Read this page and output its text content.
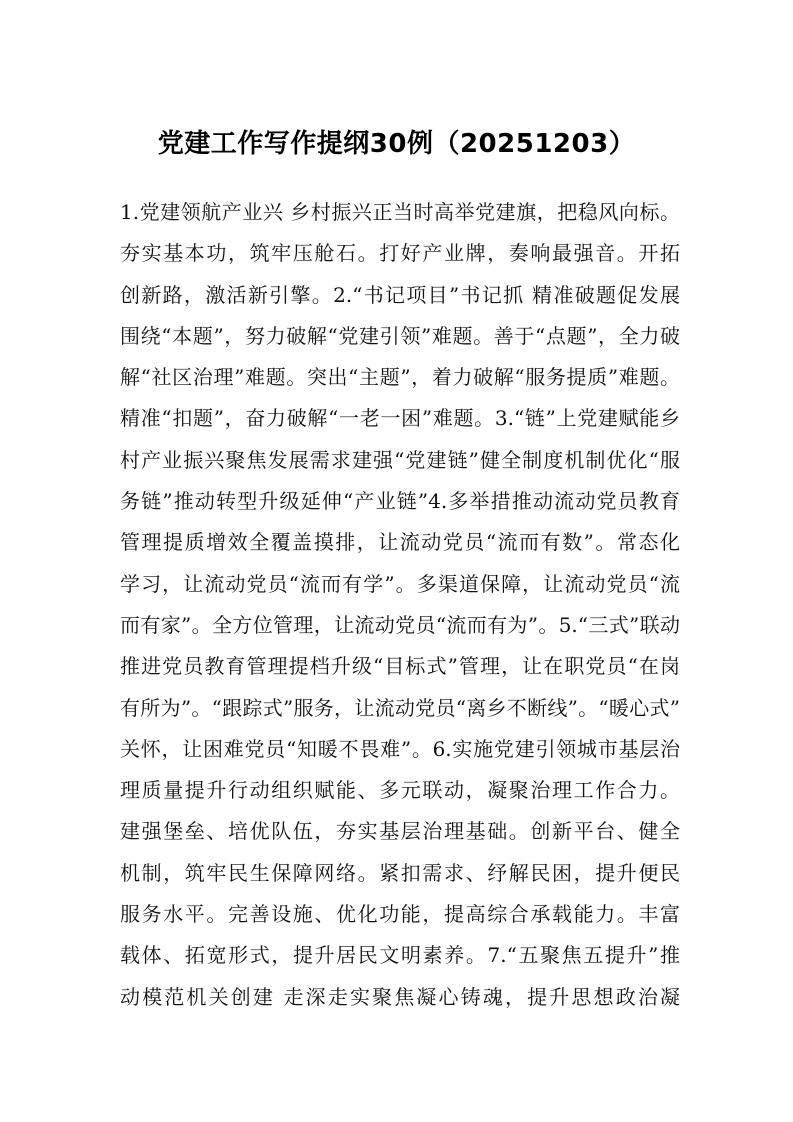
党建工作写作提纲30例（20251203）
1.党建领航产业兴 乡村振兴正当时高举党建旗，把稳风向标。
夯实基本功，筑牢压舱石。打好产业牌，奏响最强音。开拓
创新路，激活新引擎。2.“书记项目”书记抓 精准破题促发展
围绕“本题”，努力破解“党建引领”难题。善于“点题”，全力破
解“社区治理”难题。突出“主题”，着力破解“服务提质”难题。
精准“扣题”，奋力破解“一老一困”难题。3.“链”上党建赋能乡
村产业振兴聚焦发展需求建强“党建链”健全制度机制优化“服
务链”推动转型升级延伸“产业链”4.多举措推动流动党员教育
管理提质增效全覆盖摸排，让流动党员“流而有数”。常态化
学习，让流动党员“流而有学”。多渠道保障，让流动党员“流
而有家”。全方位管理，让流动党员“流而有为”。5.“三式”联动
推进党员教育管理提档升级“目标式”管理，让在职党员“在岗
有所为”。“跟踪式”服务，让流动党员“离乡不断线”。“暖心式”
关怀，让困难党员“知暖不畏难”。6.实施党建引领城市基层治
理质量提升行动组织赋能、多元联动，凝聚治理工作合力。
建强堡垒、培优队伍，夯实基层治理基础。创新平台、健全
机制，筑牢民生保障网络。紧扣需求、纾解民困，提升便民
服务水平。完善设施、优化功能，提高综合承载能力。丰富
载体、拓宽形式，提升居民文明素养。7.“五聚焦五提升”推
动模范机关创建 走深走实聚焦凝心铸魂，提升思想政治凝
